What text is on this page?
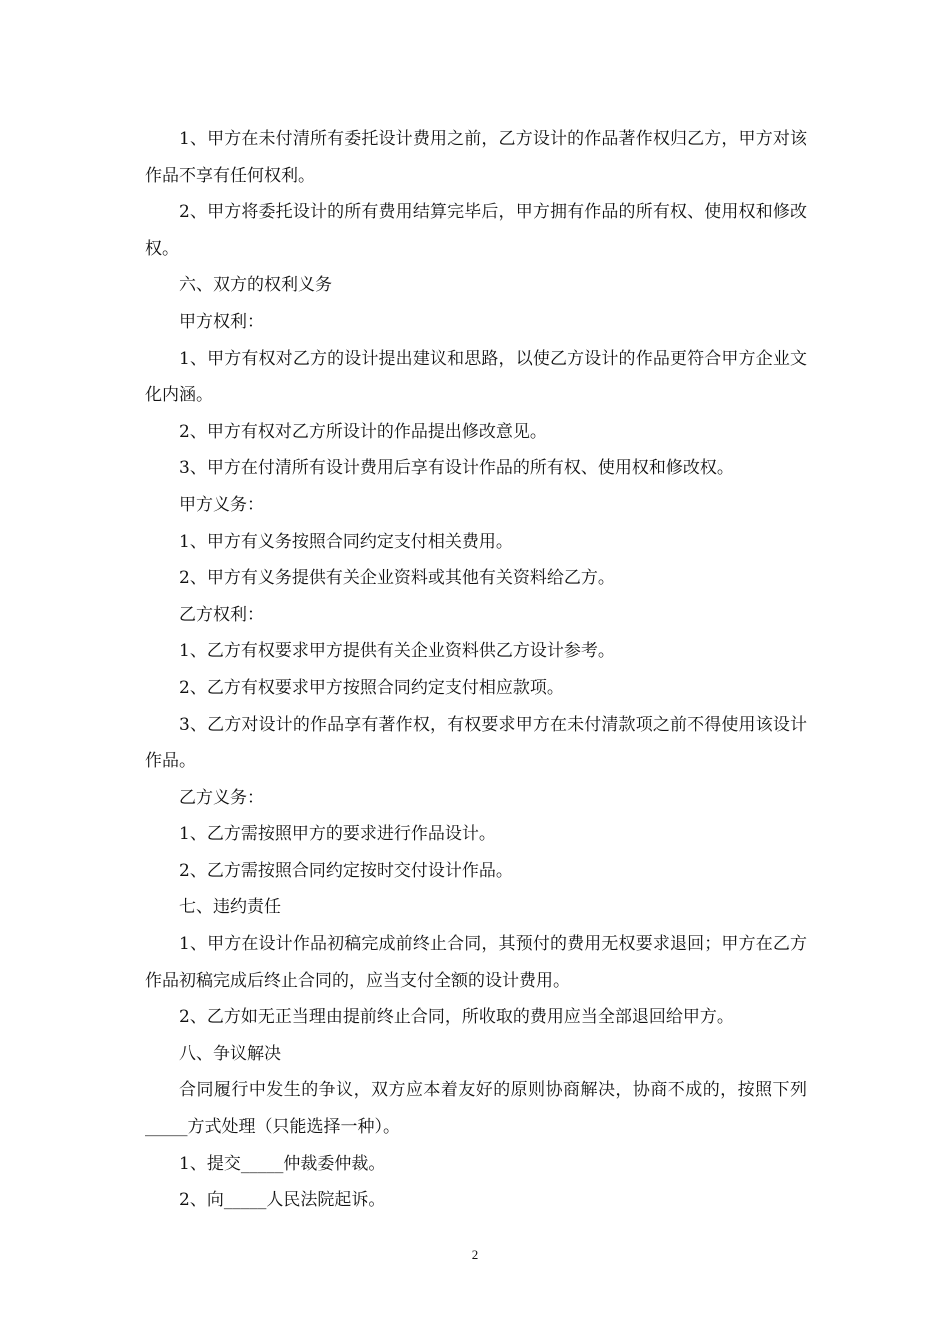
1、甲方在未付清所有委托设计费用之前，乙方设计的作品著作权归乙方，甲方对该作品不享有任何权利。

2、甲方将委托设计的所有费用结算完毕后，甲方拥有作品的所有权、使用权和修改权。

六、双方的权利义务

甲方权利：

1、甲方有权对乙方的设计提出建议和思路，以使乙方设计的作品更符合甲方企业文化内涵。

2、甲方有权对乙方所设计的作品提出修改意见。

3、甲方在付清所有设计费用后享有设计作品的所有权、使用权和修改权。

甲方义务：

1、甲方有义务按照合同约定支付相关费用。

2、甲方有义务提供有关企业资料或其他有关资料给乙方。

乙方权利：

1、乙方有权要求甲方提供有关企业资料供乙方设计参考。

2、乙方有权要求甲方按照合同约定支付相应款项。

3、乙方对设计的作品享有著作权，有权要求甲方在未付清款项之前不得使用该设计作品。

乙方义务：

1、乙方需按照甲方的要求进行作品设计。

2、乙方需按照合同约定按时交付设计作品。

七、违约责任

1、甲方在设计作品初稿完成前终止合同，其预付的费用无权要求退回；甲方在乙方作品初稿完成后终止合同的，应当支付全额的设计费用。

2、乙方如无正当理由提前终止合同，所收取的费用应当全部退回给甲方。

八、争议解决

合同履行中发生的争议，双方应本着友好的原则协商解决，协商不成的，按照下列_____方式处理（只能选择一种）。

1、提交_____仲裁委仲裁。

2、向_____人民法院起诉。

2
